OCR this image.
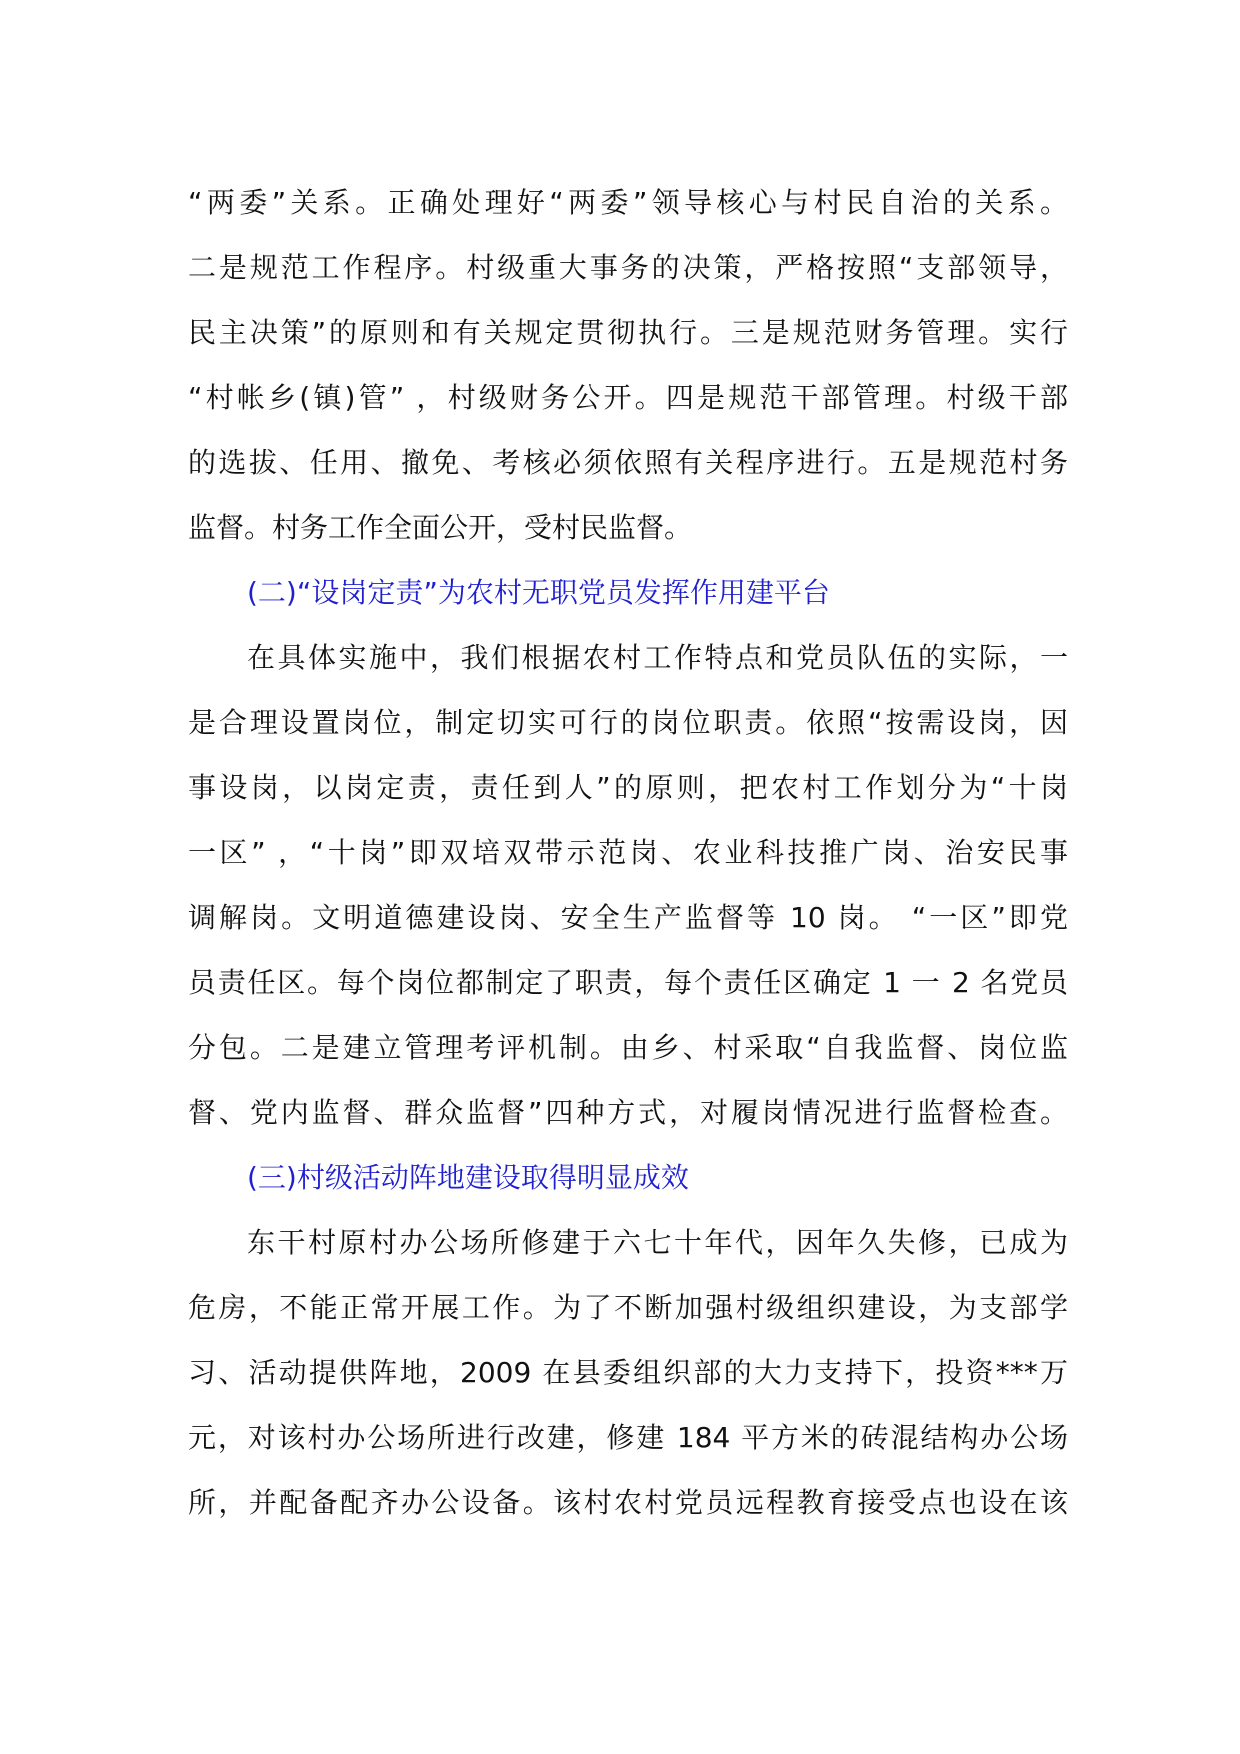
“两委”关系。正确处理好“两委”领导核心与村民自治的关系。
二是规范工作程序。村级重大事务的决策，严格按照“支部领导，
民主决策”的原则和有关规定贯彻执行。三是规范财务管理。实行
“村帐乡(镇)管” ，村级财务公开。四是规范干部管理。村级干部
的选拔、任用、撤免、考核必须依照有关程序进行。五是规范村务
监督。村务工作全面公开，受村民监督。
(二)“设岗定责”为农村无职党员发挥作用建平台
在具体实施中，我们根据农村工作特点和党员队伍的实际，一
是合理设置岗位，制定切实可行的岗位职责。依照“按需设岗，因
事设岗，以岗定责，责任到人”的原则，把农村工作划分为“十岗
一区” ，“十岗”即双培双带示范岗、农业科技推广岗、治安民事
调解岗。文明道德建设岗、安全生产监督等 10 岗。 “一区”即党
员责任区。每个岗位都制定了职责，每个责任区确定 1 一 2 名党员
分包。二是建立管理考评机制。由乡、村采取“自我监督、岗位监
督、党内监督、群众监督”四种方式，对履岗情况进行监督检查。
(三)村级活动阵地建设取得明显成效
东干村原村办公场所修建于六七十年代，因年久失修，已成为
危房，不能正常开展工作。为了不断加强村级组织建设，为支部学
习、活动提供阵地，2009 在县委组织部的大力支持下，投资***万
元，对该村办公场所进行改建，修建 184 平方米的砖混结构办公场
所，并配备配齐办公设备。该村农村党员远程教育接受点也设在该
